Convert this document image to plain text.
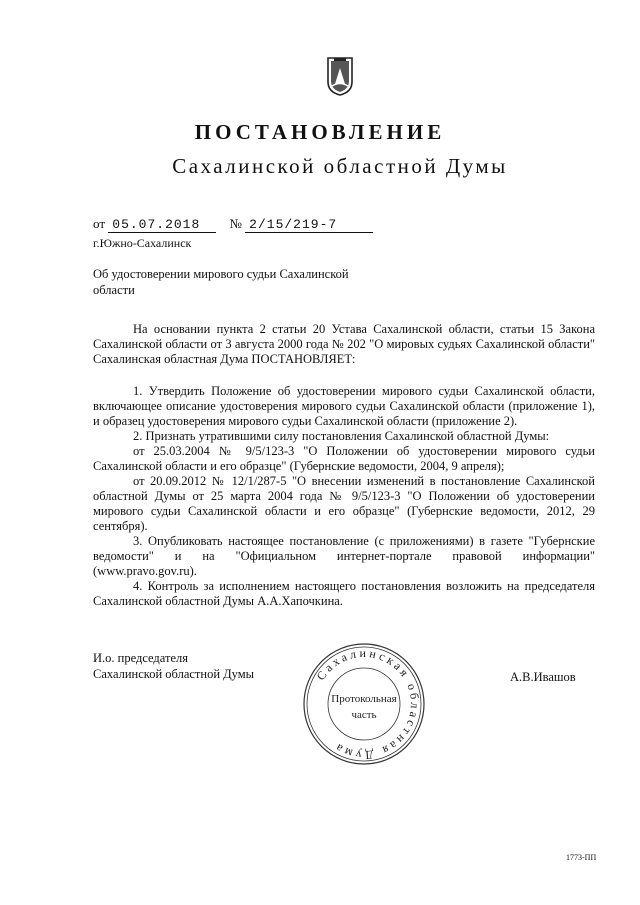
ПОСТАНОВЛЕНИЕ
Сахалинской областной Думы
от 05.07.2018 № 2/15/219-7
г.Южно-Сахалинск
Об удостоверении мирового судьи Сахалинской области

На основании пункта 2 статьи 20 Устава Сахалинской области, статьи 15 Закона Сахалинской области от 3 августа 2000 года № 202 "О мировых судьях Сахалинской области" Сахалинская областная Дума ПОСТАНОВЛЯЕТ:

1. Утвердить Положение об удостоверении мирового судьи Сахалинской области, включающее описание удостоверения мирового судьи Сахалинской области (приложение 1), и образец удостоверения мирового судьи Сахалинской области (приложение 2).

2. Признать утратившими силу постановления Сахалинской областной Думы:

от 25.03.2004 № 9/5/123-3 "О Положении об удостоверении мирового судьи Сахалинской области и его образце" (Губернские ведомости, 2004, 9 апреля);

от 20.09.2012 № 12/1/287-5 "О внесении изменений в постановление Сахалинской областной Думы от 25 марта 2004 года № 9/5/123-3 "О Положении об удостоверении мирового судьи Сахалинской области и его образце" (Губернские ведомости, 2012, 29 сентября).

3. Опубликовать настоящее постановление (с приложениями) в газете "Губернские ведомости" и на "Официальном интернет-портале правовой информации" (www.pravo.gov.ru).

4. Контроль за исполнением настоящего постановления возложить на председателя Сахалинской областной Думы А.А.Хапочкина.

И.о. председателя
Сахалинской областной Думы	А.В.Ивашов
Сахалинская областная Дума
Протокольная
часть
1773-ПП
